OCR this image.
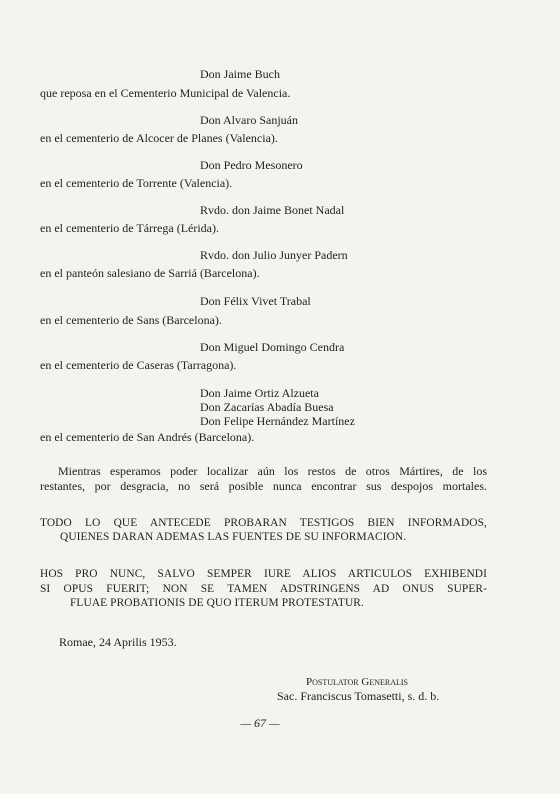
Don Jaime Buch
que reposa en el Cementerio Municipal de Valencia.
Don Alvaro Sanjuán
en el cementerio de Alcocer de Planes (Valencia).
Don Pedro Mesonero
en el cementerio de Torrente (Valencia).
Rvdo. don Jaime Bonet Nadal
en el cementerio de Tárrega (Lérida).
Rvdo. don Julio Junyer Padern
en el panteón salesiano de Sarriá (Barcelona).
Don Félix Vivet Trabal
en el cementerio de Sans (Barcelona).
Don Miguel Domingo Cendra
en el cementerio de Caseras (Tarragona).
Don Jaime Ortiz Alzueta
Don Zacarías Abadía Buesa
Don Felipe Hernández Martínez
en el cementerio de San Andrés (Barcelona).
Mientras esperamos poder localizar aún los restos de otros Mártires, de los
restantes, por desgracia, no será posible nunca encontrar sus despojos mortales.
TODO LO QUE ANTECEDE PROBARAN TESTIGOS BIEN INFORMADOS,
QUIENES DARAN ADEMAS LAS FUENTES DE SU INFORMACION.
HOS PRO NUNC, SALVO SEMPER IURE ALIOS ARTICULOS EXHIBENDI
SI OPUS FUERIT; NON SE TAMEN ADSTRINGENS AD ONUS SUPER-
FLUAE PROBATIONIS DE QUO ITERUM PROTESTATUR.
Romae, 24 Aprilis 1953.
Postulator Generalis
Sac. Franciscus Tomasetti, s. d. b.
— 67 —
